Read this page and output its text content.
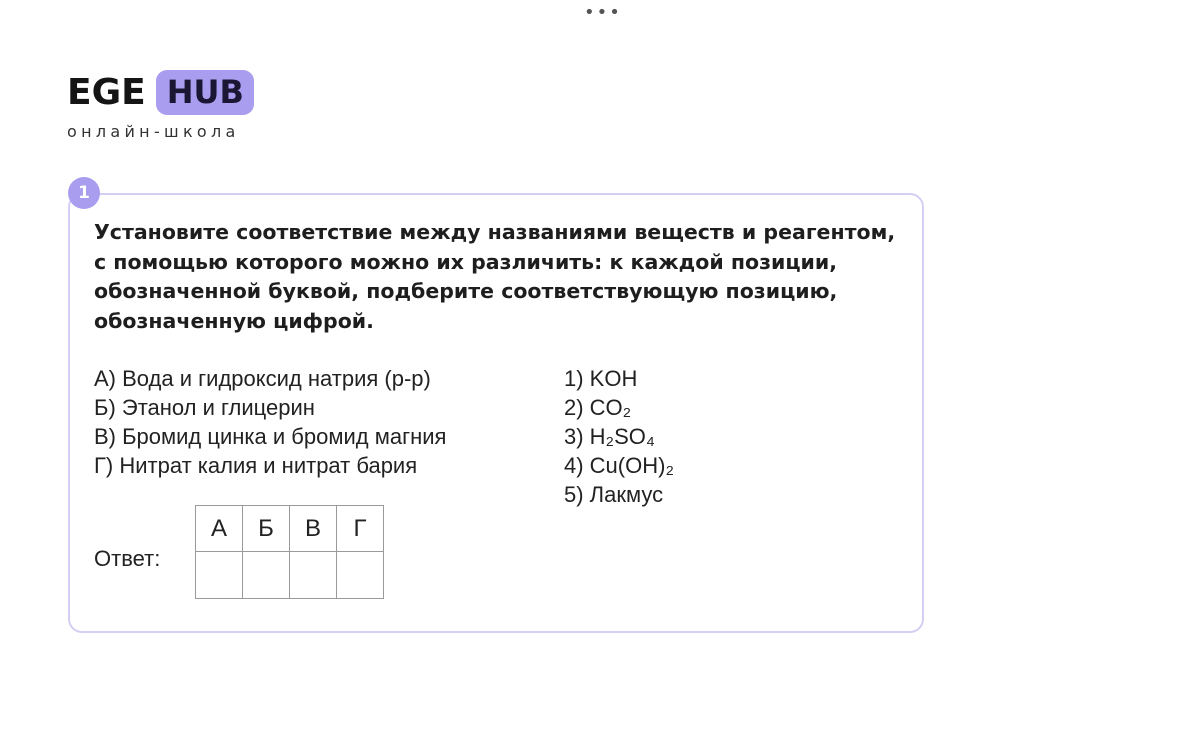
•••
EGE HUB
онлайн-школа
1

Установите соответствие между названиями веществ и реагентом, с помощью которого можно их различить: к каждой позиции, обозначенной буквой, подберите соответствующую позицию, обозначенную цифрой.

А) Вода и гидроксид натрия (р-р)
Б) Этанол и глицерин
В) Бромид цинка и бромид магния
Г) Нитрат калия и нитрат бария
1) KOH
2) CO₂
3) H₂SO₄
4) Cu(OH)₂
5) Лакмус
Ответ:
А	Б	В	Г
